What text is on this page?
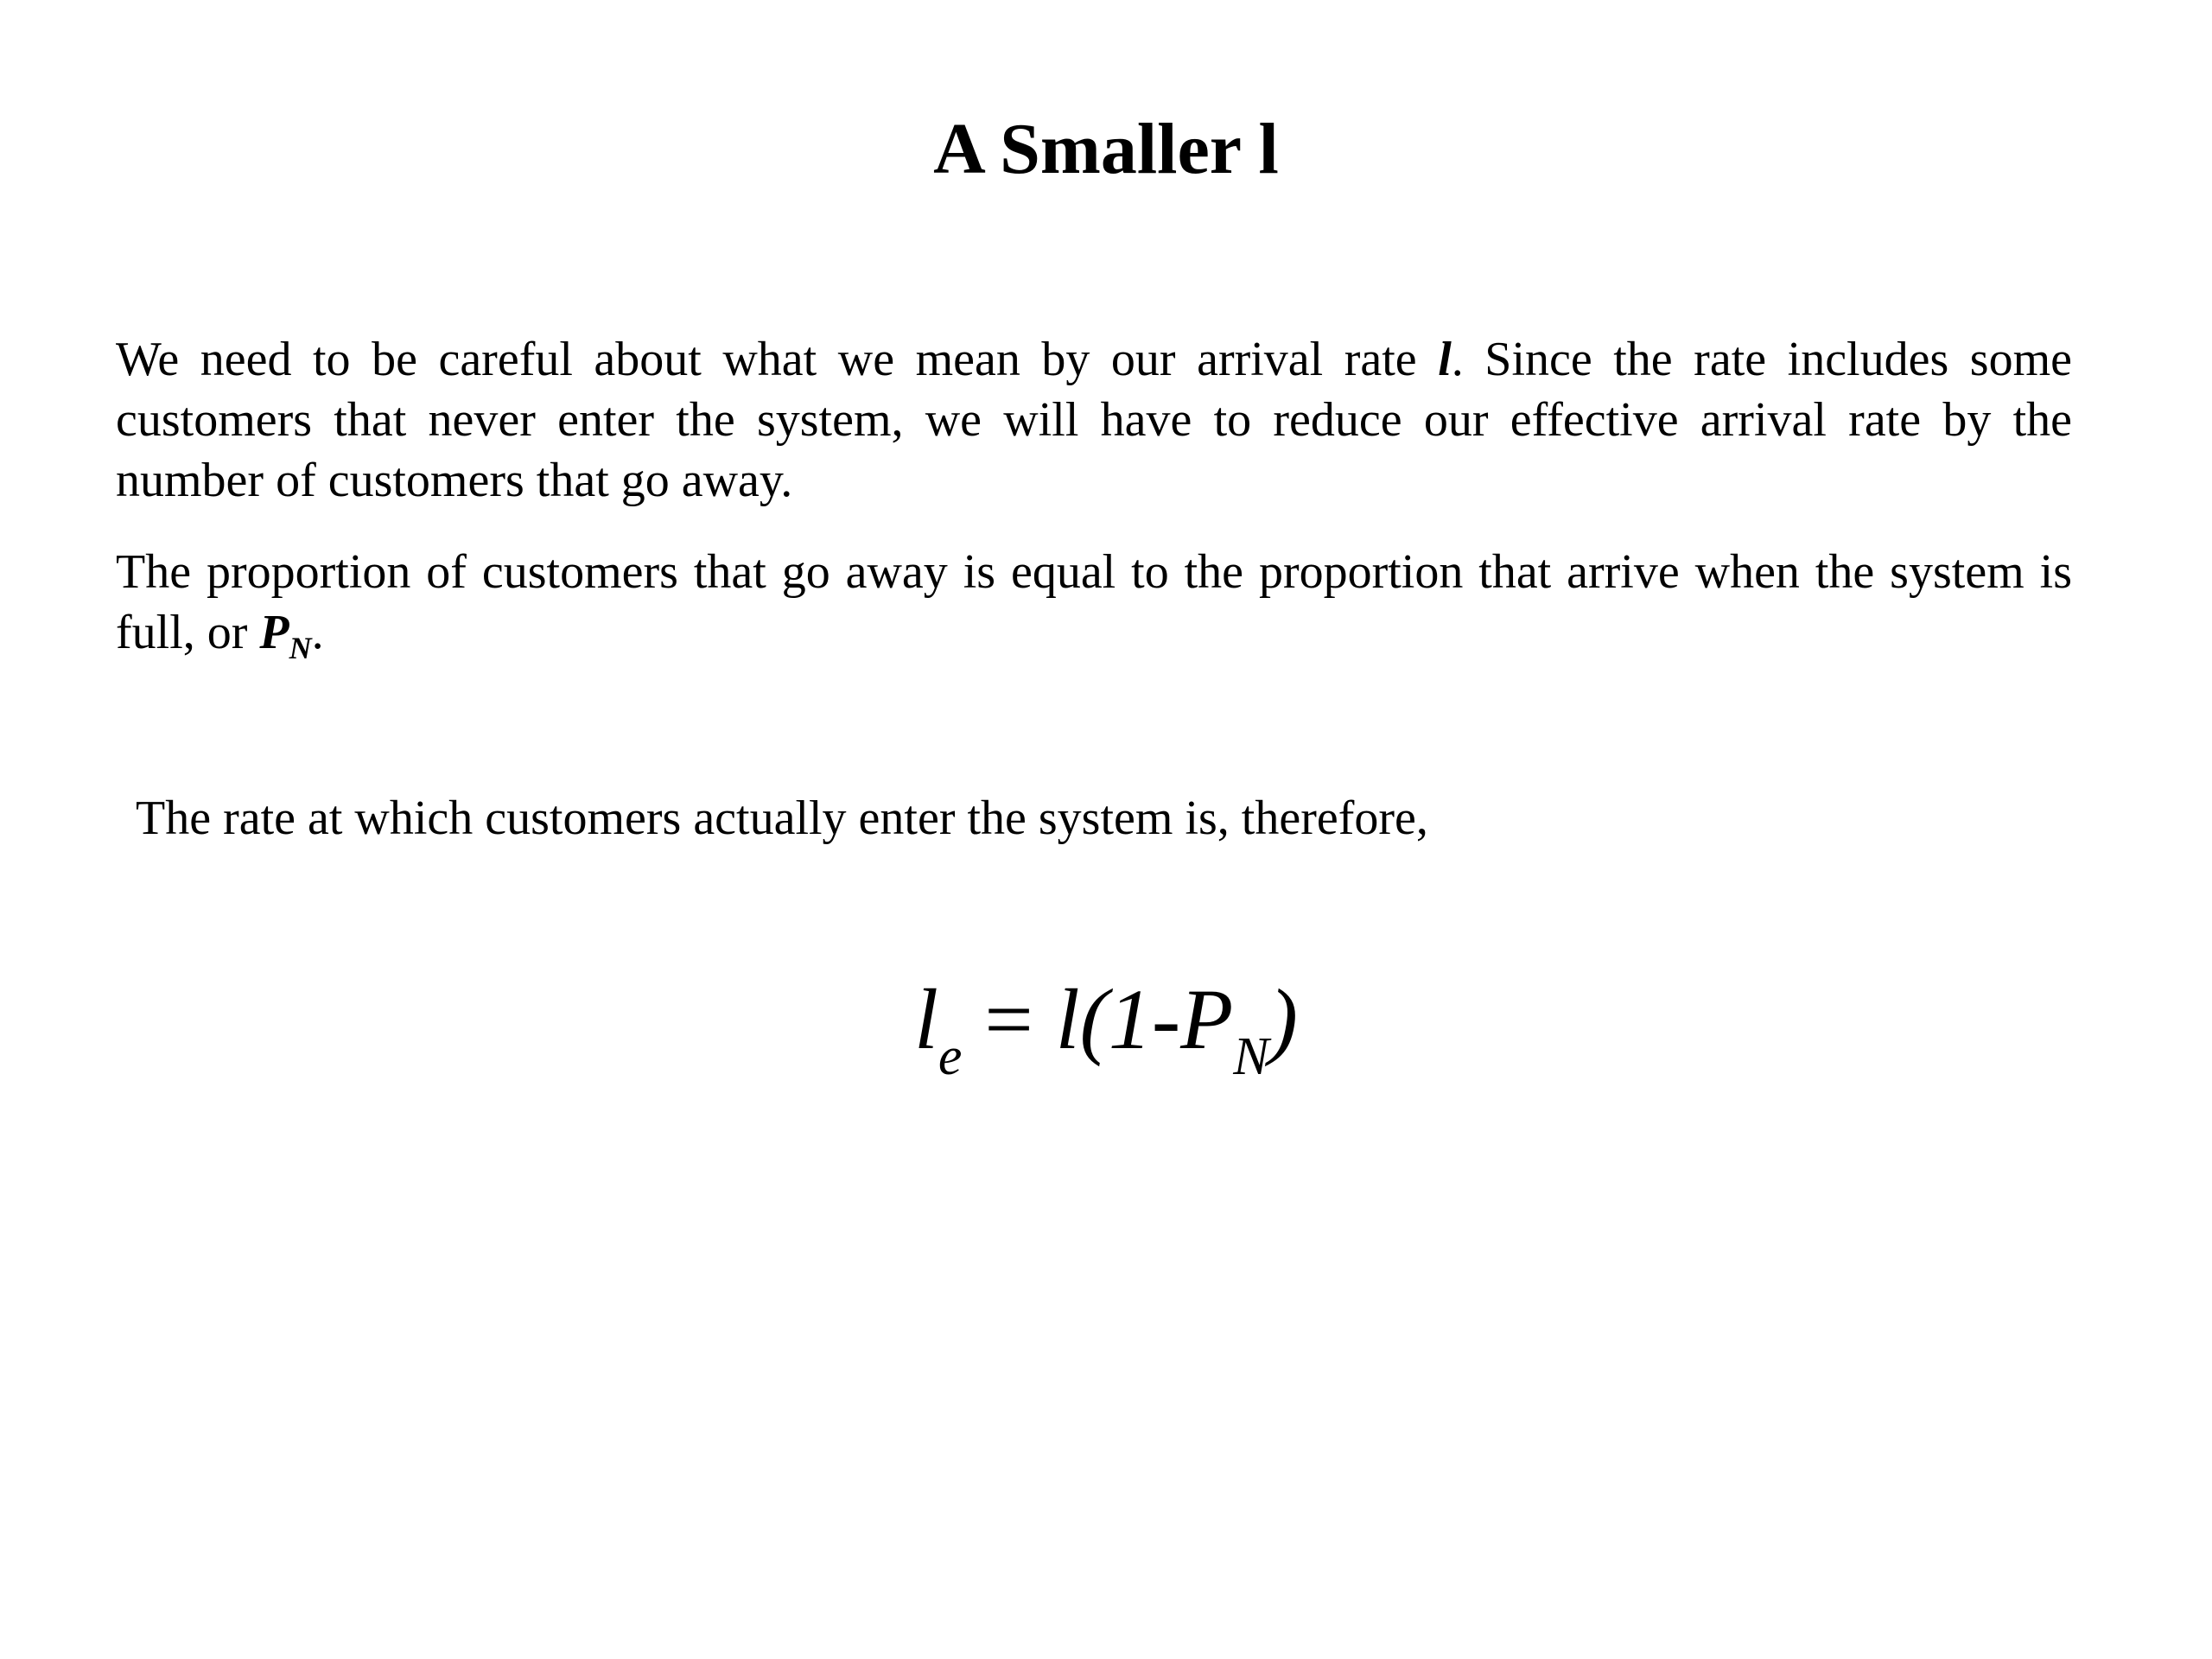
A Smaller l

We need to be careful about what we mean by our arrival rate l. Since the rate includes some customers that never enter the system, we will have to reduce our effective arrival rate by the number of customers that go away.

The proportion of customers that go away is equal to the proportion that arrive when the system is full, or $P_N$.

The rate at which customers actually enter the system is, therefore,

$l_e = l(1-P_N)$
